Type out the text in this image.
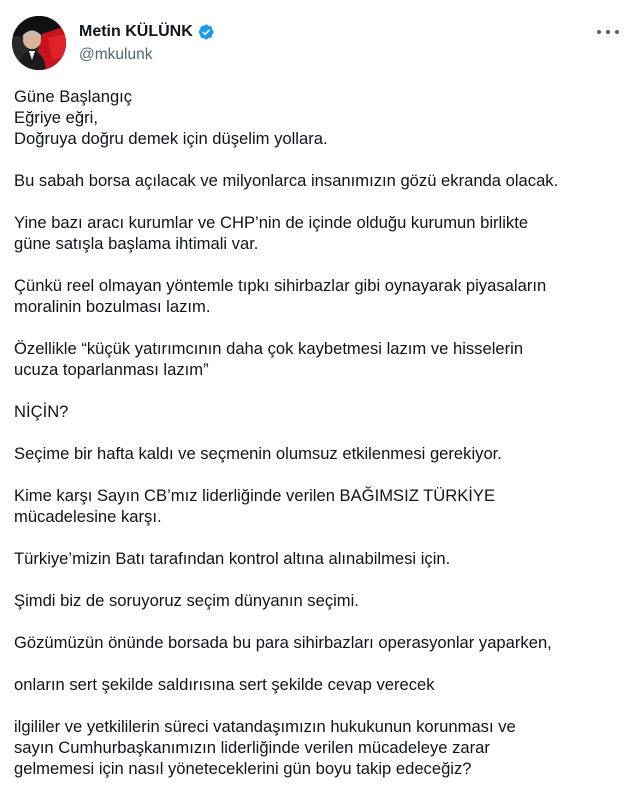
Metin KÜLÜNK
@mkulunk

Güne Başlangıç
Eğriye eğri,
Doğruya doğru demek için düşelim yollara.

Bu sabah borsa açılacak ve milyonlarca insanımızın gözü ekranda olacak.

Yine bazı aracı kurumlar ve CHP’nin de içinde olduğu kurumun birlikte
güne satışla başlama ihtimali var.

Çünkü reel olmayan yöntemle tıpkı sihirbazlar gibi oynayarak piyasaların
moralinin bozulması lazım.

Özellikle “küçük yatırımcının daha çok kaybetmesi lazım ve hisselerin
ucuza toparlanması lazım”

NİÇİN?

Seçime bir hafta kaldı ve seçmenin olumsuz etkilenmesi gerekiyor.

Kime karşı Sayın CB’mız liderliğinde verilen BAĞIMSIZ TÜRKİYE
mücadelesine karşı.

Türkiye’mizin Batı tarafından kontrol altına alınabilmesi için.

Şimdi biz de soruyoruz seçim dünyanın seçimi.

Gözümüzün önünde borsada bu para sihirbazları operasyonlar yaparken,

onların sert şekilde saldırısına sert şekilde cevap verecek

ilgililer ve yetkililerin süreci vatandaşımızın hukukunun korunması ve
sayın Cumhurbaşkanımızın liderliğinde verilen mücadeleye zarar
gelmemesi için nasıl yöneteceklerini gün boyu takip edeceğiz?
